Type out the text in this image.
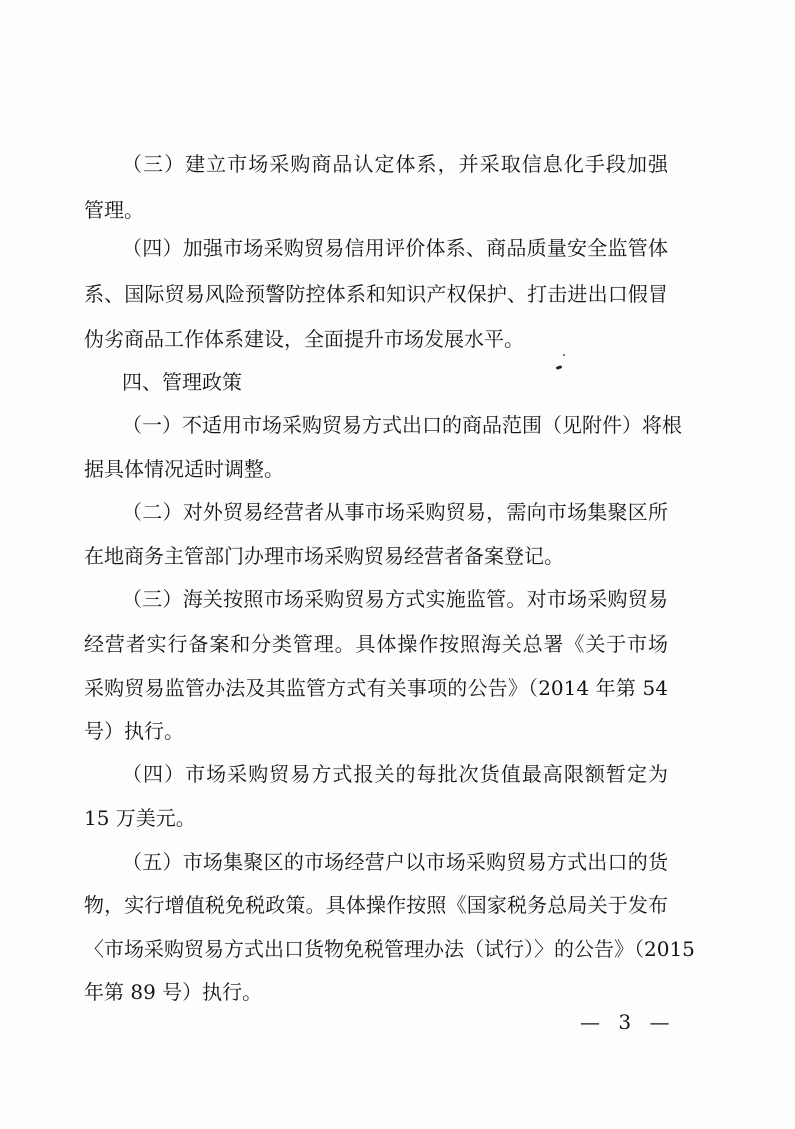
（三）建立市场采购商品认定体系，并采取信息化手段加强
管理。
（四）加强市场采购贸易信用评价体系、商品质量安全监管体
系、国际贸易风险预警防控体系和知识产权保护、打击进出口假冒
伪劣商品工作体系建设，全面提升市场发展水平。
四、管理政策
（一）不适用市场采购贸易方式出口的商品范围（见附件）将根
据具体情况适时调整。
（二）对外贸易经营者从事市场采购贸易，需向市场集聚区所
在地商务主管部门办理市场采购贸易经营者备案登记。
（三）海关按照市场采购贸易方式实施监管。对市场采购贸易
经营者实行备案和分类管理。具体操作按照海关总署《关于市场
采购贸易监管办法及其监管方式有关事项的公告》（2014 年第 54
号）执行。
（四）市场采购贸易方式报关的每批次货值最高限额暂定为
15 万美元。
（五）市场集聚区的市场经营户以市场采购贸易方式出口的货
物，实行增值税免税政策。具体操作按照《国家税务总局关于发布
〈市场采购贸易方式出口货物免税管理办法（试行）〉的公告》（2015
年第 89 号）执行。
— 3 —
